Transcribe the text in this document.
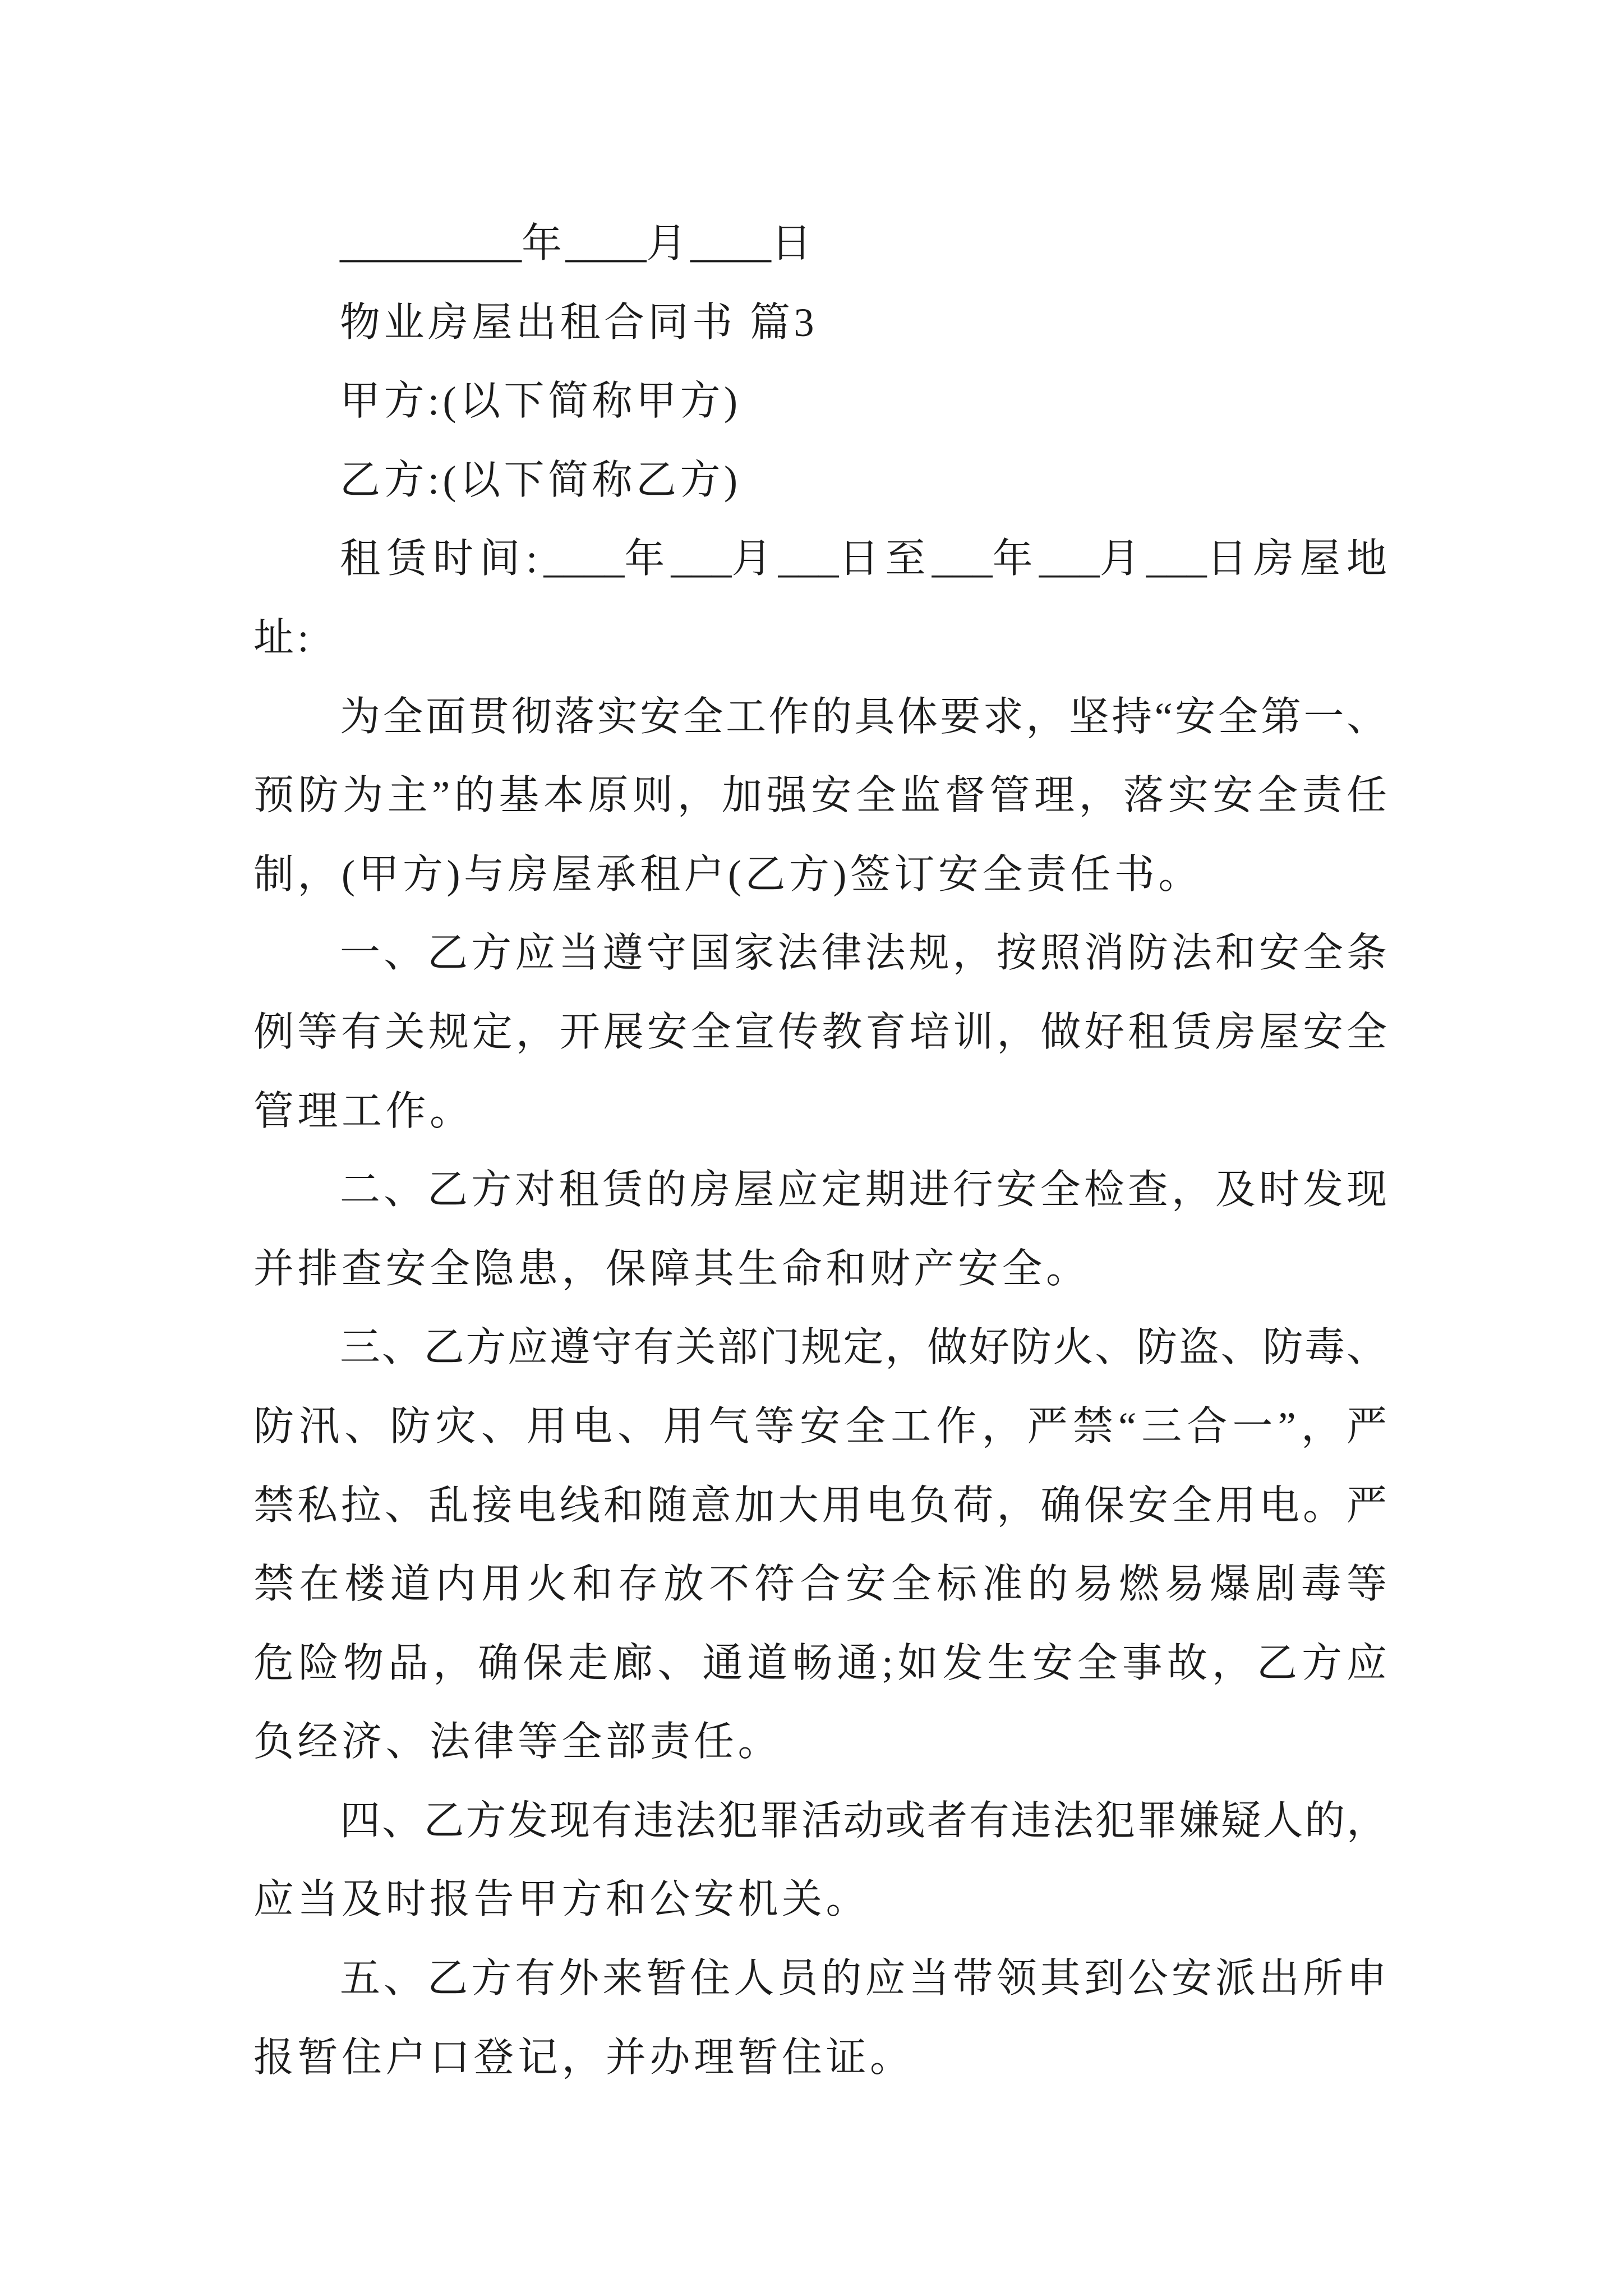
_________年____月____日
物业房屋出租合同书 篇3
甲方:(以下简称甲方)
乙方:(以下简称乙方)
租赁时间:____年___月___日至___年___月___日房屋地
址:
为全面贯彻落实安全工作的具体要求，坚持“安全第一、
预防为主”的基本原则，加强安全监督管理，落实安全责任
制，(甲方)与房屋承租户(乙方)签订安全责任书。
一、乙方应当遵守国家法律法规，按照消防法和安全条
例等有关规定，开展安全宣传教育培训，做好租赁房屋安全
管理工作。
二、乙方对租赁的房屋应定期进行安全检查，及时发现
并排查安全隐患，保障其生命和财产安全。
三、乙方应遵守有关部门规定，做好防火、防盗、防毒、
防汛、防灾、用电、用气等安全工作，严禁“三合一”，严
禁私拉、乱接电线和随意加大用电负荷，确保安全用电。严
禁在楼道内用火和存放不符合安全标准的易燃易爆剧毒等
危险物品，确保走廊、通道畅通;如发生安全事故，乙方应
负经济、法律等全部责任。
四、乙方发现有违法犯罪活动或者有违法犯罪嫌疑人的，
应当及时报告甲方和公安机关。
五、乙方有外来暂住人员的应当带领其到公安派出所申
报暂住户口登记，并办理暂住证。
